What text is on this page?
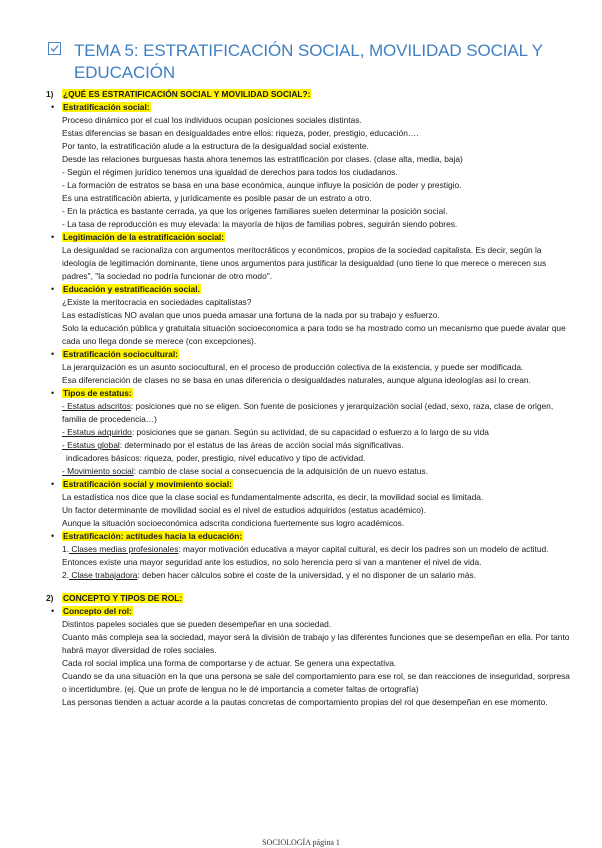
TEMA 5: ESTRATIFICACIÓN SOCIAL, MOVILIDAD SOCIAL Y EDUCACIÓN
1) ¿QUÉ ES ESTRATIFICACIÓN SOCIAL Y MOVILIDAD SOCIAL?:
• Estratificación social:
Proceso dinámico por el cual los individuos ocupan posiciones sociales distintas.
Estas diferencias se basan en desigualdades entre ellos: riqueza, poder, prestigio, educación….
Por tanto, la estratificación alude a la estructura de la desigualdad social existente.
Desde las relaciones burguesas hasta ahora tenemos las estratificación por clases. (clase alta, media, baja)
- Según el régimen jurídico tenemos una igualdad de derechos para todos los ciudadanos.
- La formación de estratos se basa en una base económica, aunque influye la posición de poder y prestigio.
Es una estratificación abierta, y jurídicamente es posible pasar de un estrato a otro.
- En la práctica es bastante cerrada, ya que los orígenes familiares suelen determinar la posición social.
- La tasa de reproducción es muy elevada: la mayoría de hijos de familias pobres, seguirán siendo pobres.
• Legitimación de la estratificación social:
La desigualdad se racionaliza con argumentos meritocráticos y económicos, propios de la sociedad capitalista. Es decir, según la ideología de legitimación dominante, tiene unos argumentos para justificar la desigualdad (uno tiene lo que merece o merecen sus padres", "la sociedad no podría funcionar de otro modo".
• Educación y estratificación social.
¿Existe la meritocracia en sociedades capitalistas?
Las estadísticas NO avalan que unos pueda amasar una fortuna de la nada por su trabajo y esfuerzo.
Solo la educación pública y gratuitala situación socioeconomica a para todo se ha mostrado como un mecanismo que puede avalar que cada uno llega donde se merece (con excepciones).
• Estratificación sociocultural:
La jerarquización es un asunto sociocultural, en el proceso de producción colectiva de la existencia, y puede ser modificada.
Esa diferenciación de clases no se basa en unas diferencia o desigualdades naturales, aunque alguna ideologías así lo crean.
• Tipos de estatus:
- Estatus adscritos: posiciones que no se eligen. Son fuente de posiciones y jerarquización social (edad, sexo, raza, clase de origen, familia de procedencia…)
- Estatus adquirido: posiciones que se ganan. Según su actividad, de su capacidad o esfuerzo a lo largo de su vida
- Estatus global: determinado por el estatus de las áreas de acción social más significativas.
indicadores básicos: riqueza, poder, prestigio, nivel educativo y tipo de actividad.
- Movimiento social: cambio de clase social a consecuencia de la adquisición de un nuevo estatus.
• Estratificación social y movimiento social:
La estadística nos dice que la clase social es fundamentalmente adscrita, es decir, la movilidad social es limitada.
Un factor determinante de movilidad social es el nivel de estudios adquiridos (estatus académico).
Aunque la situación socioeconómica adscrita condiciona fuertemente sus logro académicos.
• Estratificación: actitudes hacia la educación:
1. Clases medias profesionales: mayor motivación educativa a mayor capital cultural, es decir los padres son un modelo de actitud. Entonces existe una mayor seguridad ante los estudios, no solo herencia pero si van a mantener el nivel de vida.
2. Clase trabajadora: deben hacer cálculos sobre el coste de la universidad, y el no disponer de un salario más.
2) CONCEPTO Y TIPOS DE ROL:
• Concepto del rol:
Distintos papeles sociales que se pueden desempeñar en una sociedad.
Cuanto más compleja sea la sociedad, mayor será la división de trabajo y las diferentes funciones que se desempeñan en ella. Por tanto habrá mayor diversidad de roles sociales.
Cada rol social implica una forma de comportarse y de actuar. Se genera una expectativa.
Cuando se da una situación en la que una persona se sale del comportamiento para ese rol, se dan reacciones de inseguridad, sorpresa o incertidumbre. (ej. Que un profe de lengua no le dé importancia a cometer faltas de ortografía)
Las personas tienden a actuar acorde a la pautas concretas de comportamiento propias del rol que desempeñan en ese momento.
SOCIOLOGÍA página 1
